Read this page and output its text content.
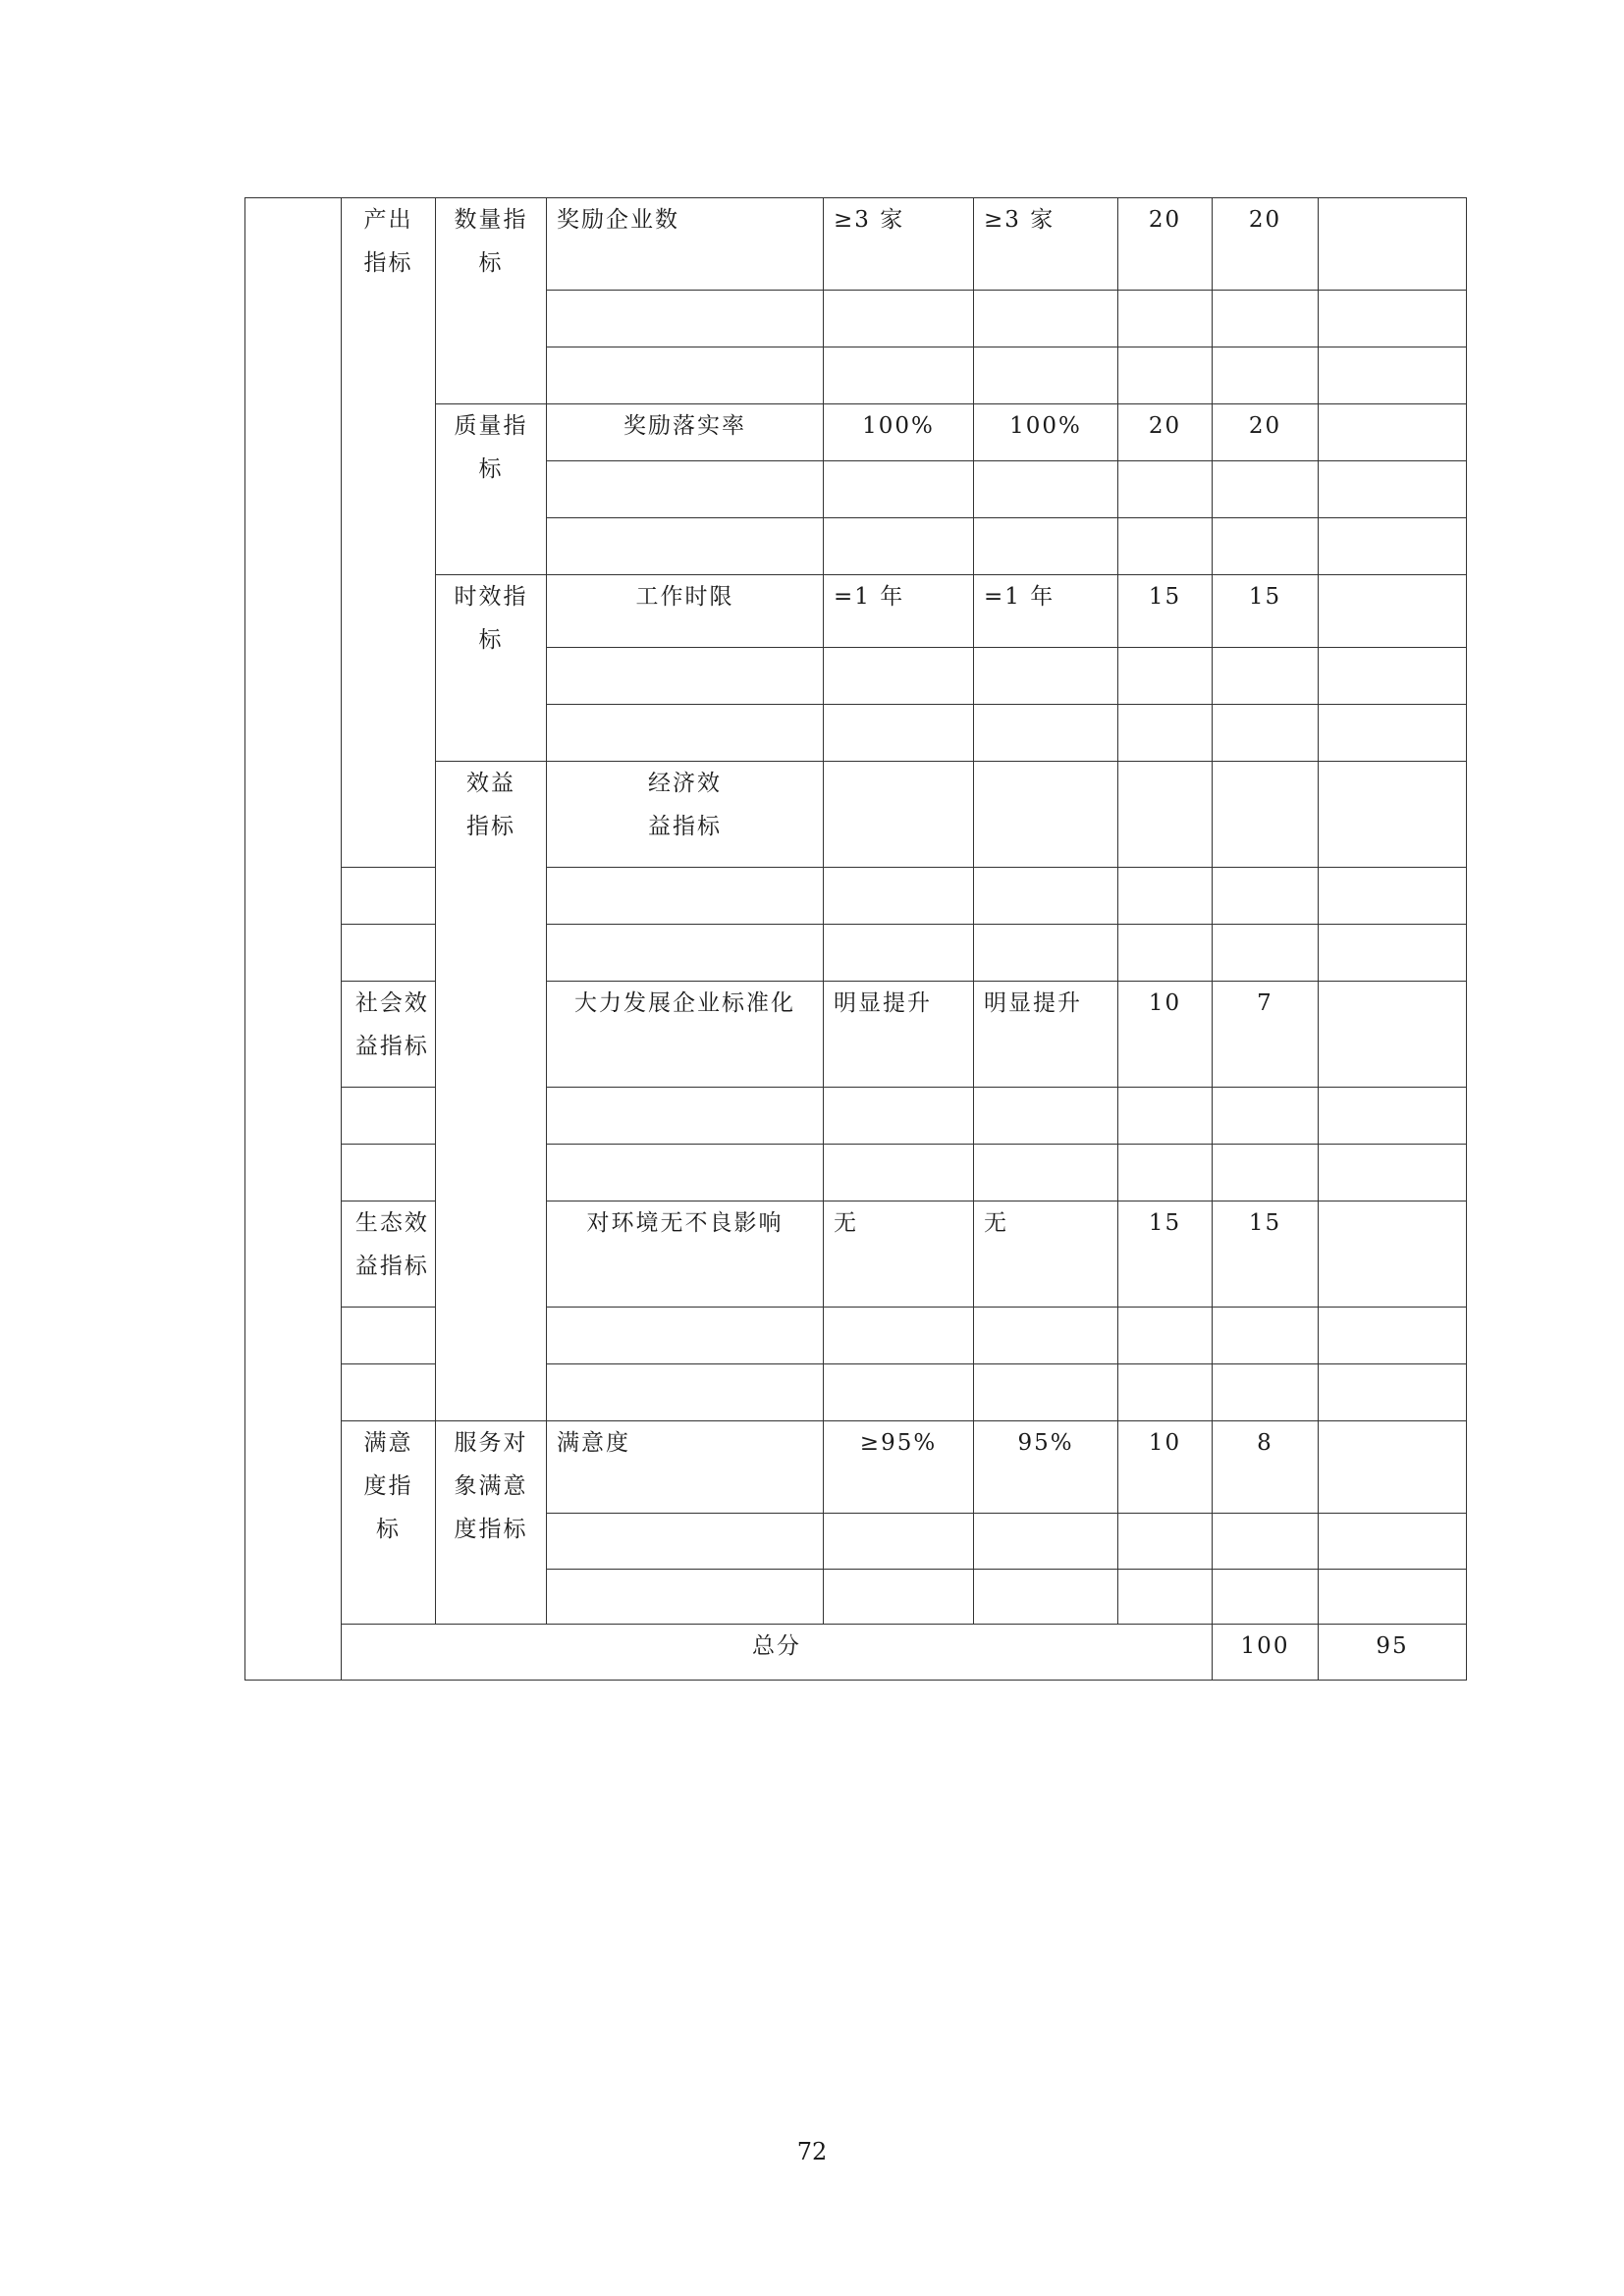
	产出指标	数量指标	奖励企业数	≥3 家	≥3 家	20	20		

		质量指标	奖励落实率	100%	100%	20	20		

		时效指标	工作时限	=1 年	=1 年	15	15		

		效益指标	经济效益指标						

	社会效益指标		大力发展企业标准化	明显提升	明显提升	10	7		

	生态效益指标		对环境无不良影响	无	无	15	15		

	满意度指标	服务对象满意度指标	满意度	≥95%	95%	10	8		

	总分						100	95	
72
